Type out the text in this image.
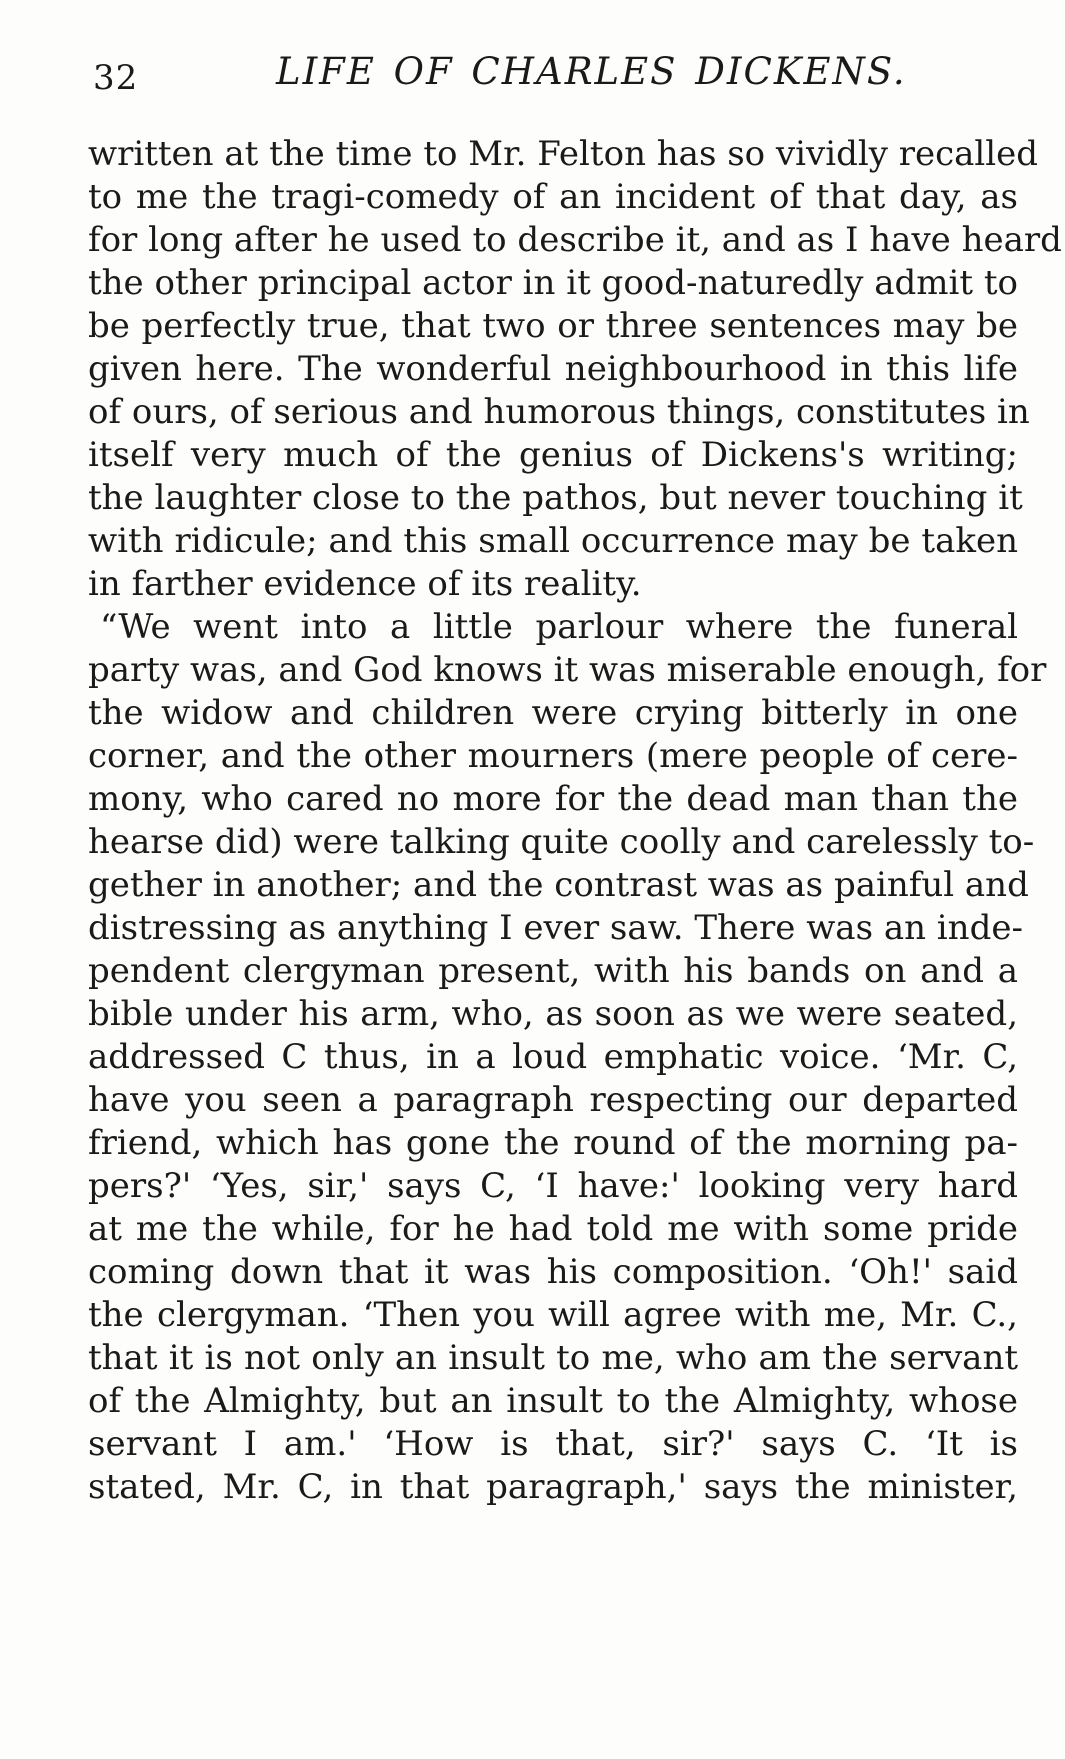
32	LIFE OF CHARLES DICKENS.
written at the time to Mr. Felton has so vividly recalled
to me the tragi-comedy of an incident of that day, as
for long after he used to describe it, and as I have heard
the other principal actor in it good-naturedly admit to
be perfectly true, that two or three sentences may be
given here. The wonderful neighbourhood in this life
of ours, of serious and humorous things, constitutes in
itself very much of the genius of Dickens's writing;
the laughter close to the pathos, but never touching it
with ridicule; and this small occurrence may be taken
in farther evidence of its reality.
“We went into a little parlour where the funeral
party was, and God knows it was miserable enough, for
the widow and children were crying bitterly in one
corner, and the other mourners (mere people of cere-
mony, who cared no more for the dead man than the
hearse did) were talking quite coolly and carelessly to-
gether in another; and the contrast was as painful and
distressing as anything I ever saw. There was an inde-
pendent clergyman present, with his bands on and a
bible under his arm, who, as soon as we were seated,
addressed C thus, in a loud emphatic voice. ‘Mr. C,
have you seen a paragraph respecting our departed
friend, which has gone the round of the morning pa-
pers?' ‘Yes, sir,' says C, ‘I have:' looking very hard
at me the while, for he had told me with some pride
coming down that it was his composition. ‘Oh!' said
the clergyman. ‘Then you will agree with me, Mr. C.,
that it is not only an insult to me, who am the servant
of the Almighty, but an insult to the Almighty, whose
servant I am.' ‘How is that, sir?' says C. ‘It is
stated, Mr. C, in that paragraph,' says the minister,
